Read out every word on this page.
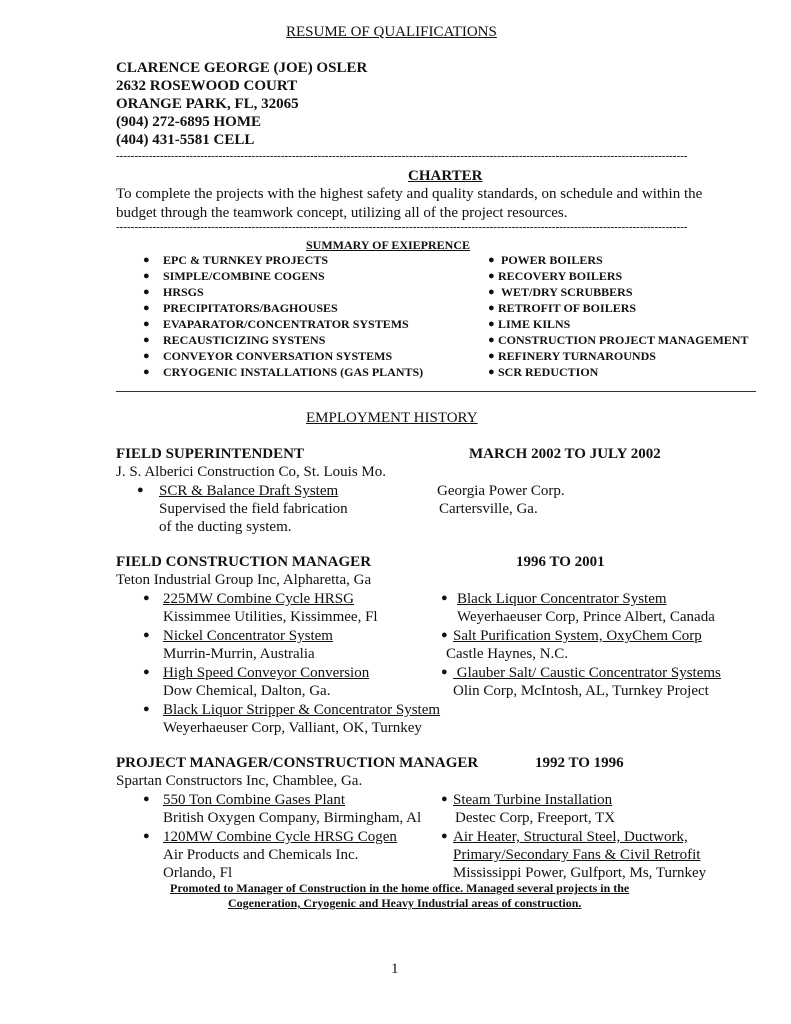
RESUME OF QUALIFICATIONS
CLARENCE GEORGE (JOE) OSLER
2632 ROSEWOOD COURT
ORANGE PARK, FL, 32065
(904) 272-6895 HOME
(404) 431-5581 CELL
------------------------------------------------------------------------------------------------------------------------------------------------------------
CHARTER
To complete the projects with the highest safety and quality standards, on schedule and within the
budget through the teamwork concept, utilizing all of the project resources.
------------------------------------------------------------------------------------------------------------------------------------------------------------
SUMMARY OF EXIEPRENCE
● EPC & TURNKEY PROJECTS
● SIMPLE/COMBINE COGENS
● HRSGS
● PRECIPITATORS/BAGHOUSES
● EVAPARATOR/CONCENTRATOR SYSTEMS
● RECAUSTICIZING SYSTENS
● CONVEYOR CONVERSATION SYSTEMS
● CRYOGENIC INSTALLATIONS (GAS PLANTS)
● POWER BOILERS
● RECOVERY BOILERS
● WET/DRY SCRUBBERS
● RETROFIT OF BOILERS
● LIME KILNS
● CONSTRUCTION PROJECT MANAGEMENT
● REFINERY TURNAROUNDS
● SCR REDUCTION
EMPLOYMENT HISTORY
FIELD SUPERINTENDENT	MARCH 2002 TO JULY 2002
J. S. Alberici Construction Co, St. Louis Mo.
● SCR & Balance Draft System
Supervised the field fabrication
of the ducting system.
Georgia Power Corp.
Cartersville, Ga.
FIELD CONSTRUCTION MANAGER	1996 TO 2001
Teton Industrial Group Inc, Alpharetta, Ga
● 225MW Combine Cycle HRSG
Kissimmee Utilities, Kissimmee, Fl
● Nickel Concentrator System
Murrin-Murrin, Australia
● High Speed Conveyor Conversion
Dow Chemical, Dalton, Ga.
● Black Liquor Stripper & Concentrator System
Weyerhaeuser Corp, Valliant, OK, Turnkey
● Black Liquor Concentrator System
Weyerhaeuser Corp, Prince Albert, Canada
● Salt Purification System, OxyChem Corp
Castle Haynes, N.C.
● Glauber Salt/ Caustic Concentrator Systems
Olin Corp, McIntosh, AL, Turnkey Project
PROJECT MANAGER/CONSTRUCTION MANAGER	1992 TO 1996
Spartan Constructors Inc, Chamblee, Ga.
● 550 Ton Combine Gases Plant
British Oxygen Company, Birmingham, Al
● 120MW Combine Cycle HRSG Cogen
Air Products and Chemicals Inc.
Orlando, Fl
● Steam Turbine Installation
Destec Corp, Freeport, TX
● Air Heater, Structural Steel, Ductwork,
Primary/Secondary Fans & Civil Retrofit
Mississippi Power, Gulfport, Ms, Turnkey
Promoted to Manager of Construction in the home office. Managed several projects in the
Cogeneration, Cryogenic and Heavy Industrial areas of construction.
1
